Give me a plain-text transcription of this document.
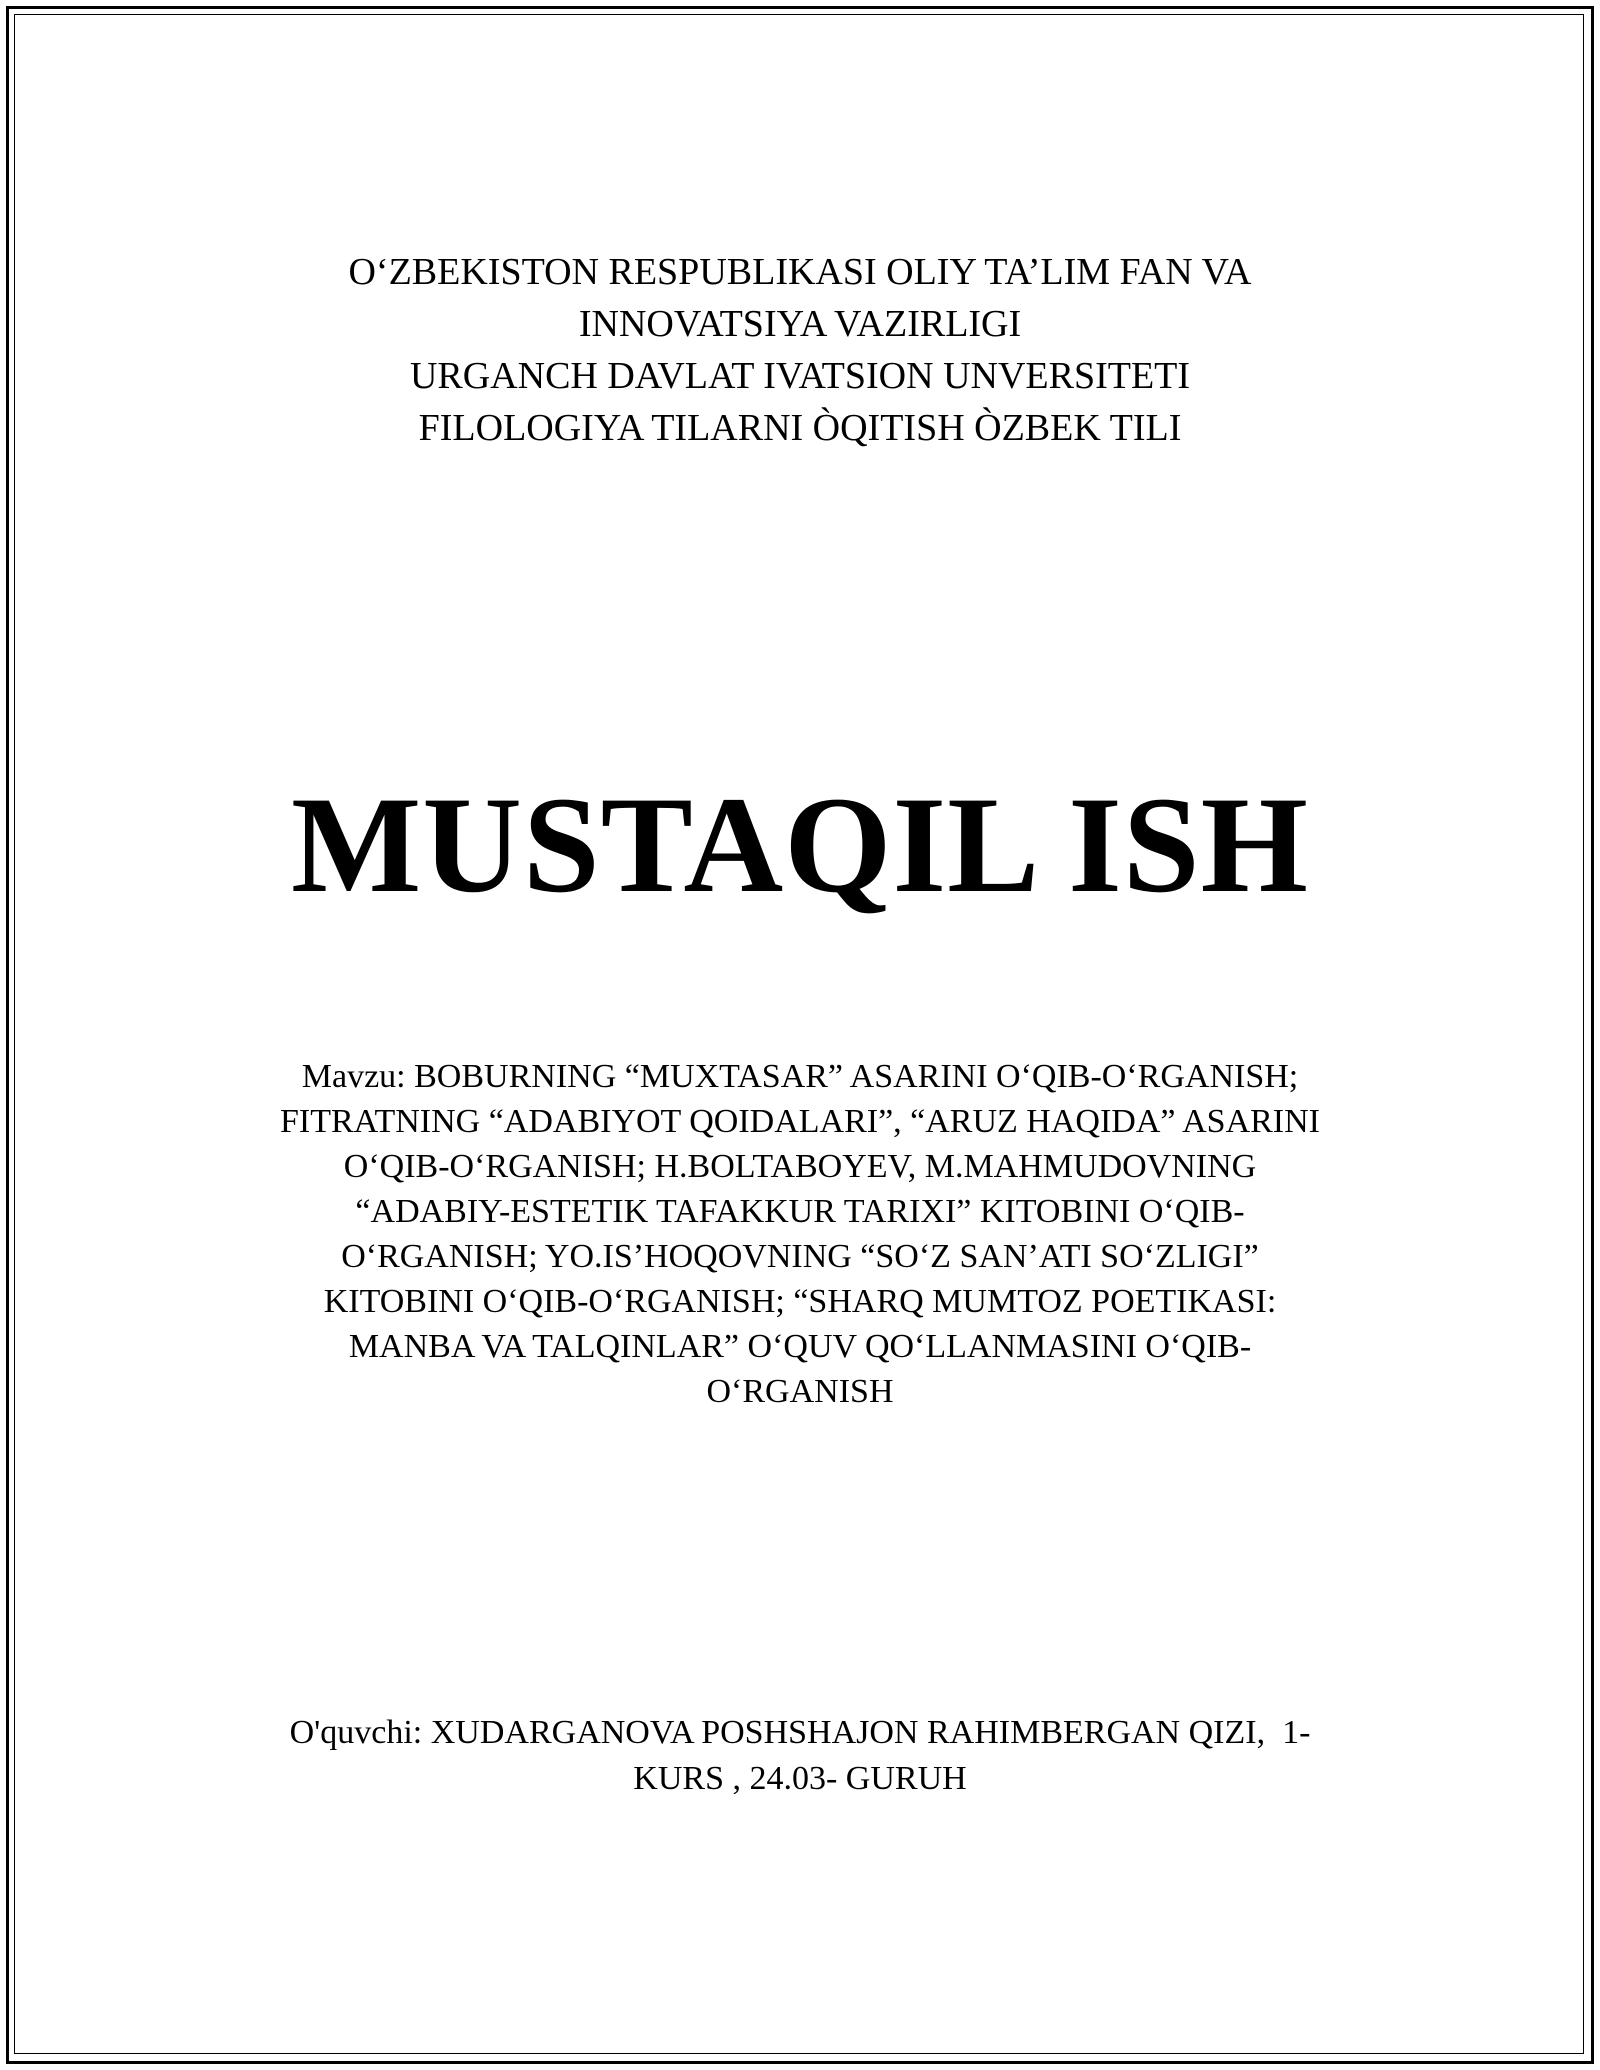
O‘ZBEKISTON RESPUBLIKASI OLIY TA’LIM FAN VA
INNOVATSIYA VAZIRLIGI
URGANCH DAVLAT IVATSION UNVERSITETI
FILOLOGIYA TILARNI ÒQITISH ÒZBEK TILI
MUSTAQIL ISH
Mavzu: BOBURNING “MUXTASAR” ASARINI O‘QIB-O‘RGANISH;
FITRATNING “ADABIYOT QOIDALARI”, “ARUZ HAQIDA” ASARINI
O‘QIB-O‘RGANISH; H.BOLTABOYEV, M.MAHMUDOVNING
“ADABIY-ESTETIK TAFAKKUR TARIXI” KITOBINI O‘QIB-
O‘RGANISH; YO.IS’HOQOVNING “SO‘Z SAN’ATI SO‘ZLIGI”
KITOBINI O‘QIB-O‘RGANISH; “SHARQ MUMTOZ POETIKASI:
MANBA VA TALQINLAR” O‘QUV QO‘LLANMASINI O‘QIB-
O‘RGANISH
O'quvchi: XUDARGANOVA POSHSHAJON RAHIMBERGAN QIZI,  1-
KURS , 24.03- GURUH
